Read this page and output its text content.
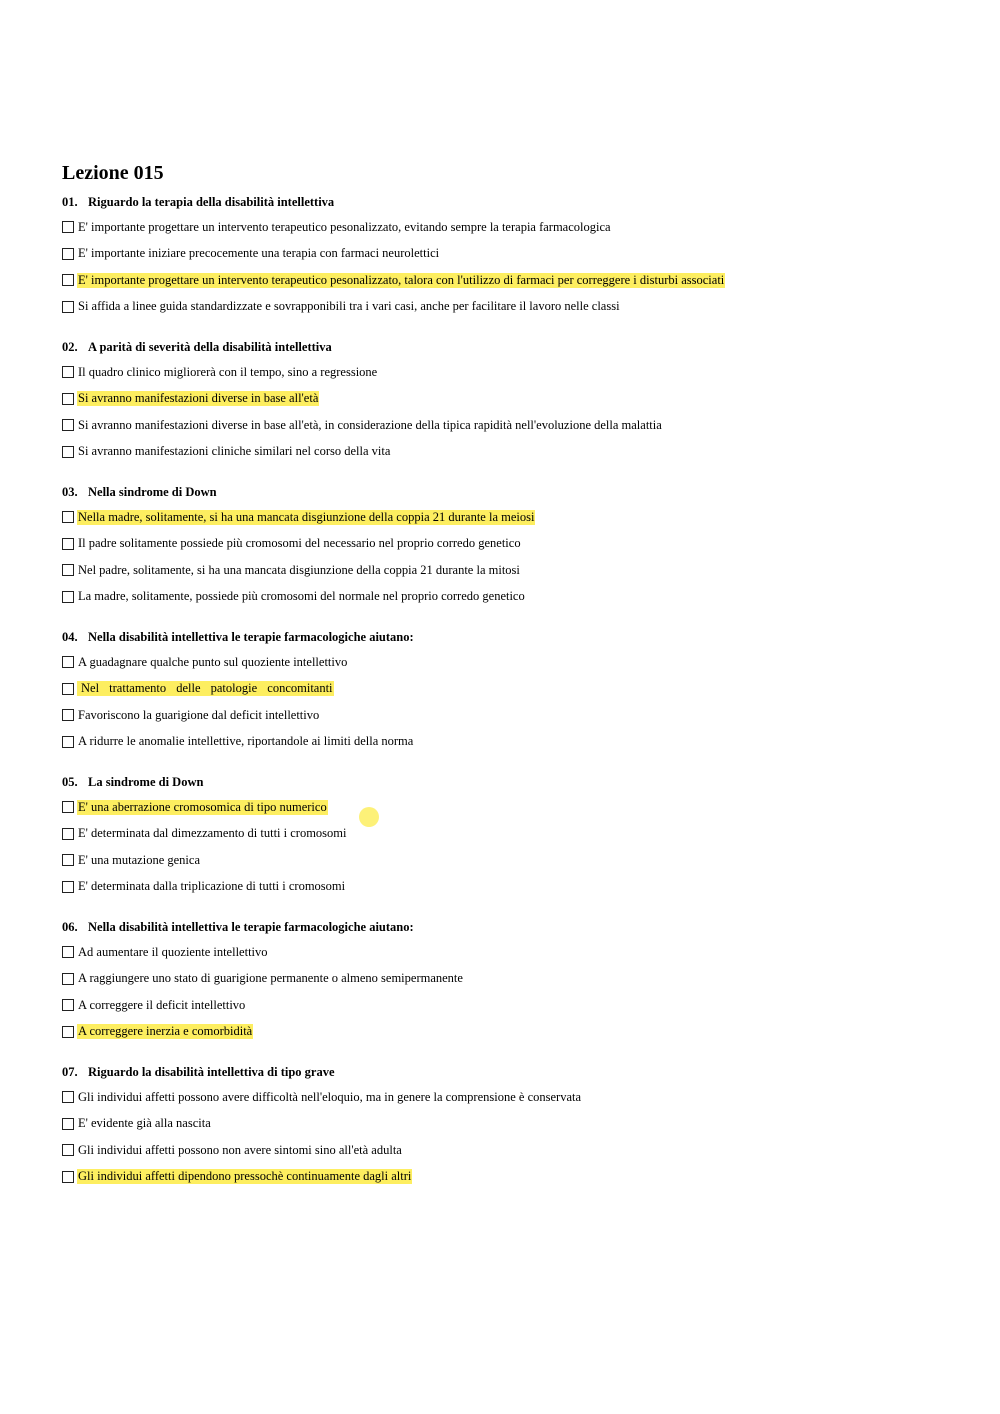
Lezione 015
01. Riguardo la terapia della disabilità intellettiva
E' importante progettare un intervento terapeutico pesonalizzato, evitando sempre la terapia farmacologica
E' importante iniziare precocemente una terapia con farmaci neurolettici
E' importante progettare un intervento terapeutico pesonalizzato, talora con l'utilizzo di farmaci per correggere i disturbi associati
Si affida a linee guida standardizzate e sovrapponibili tra i vari casi, anche per facilitare il lavoro nelle classi
02. A parità di severità della disabilità intellettiva
Il quadro clinico migliorerà con il tempo, sino a regressione
Si avranno manifestazioni diverse in base all'età
Si avranno manifestazioni diverse in base all'età, in considerazione della tipica rapidità nell'evoluzione della malattia
Si avranno manifestazioni cliniche similari nel corso della vita
03. Nella sindrome di Down
Nella madre, solitamente, si ha una mancata disgiunzione della coppia 21 durante la meiosi
Il padre solitamente possiede più cromosomi del necessario nel proprio corredo genetico
Nel padre, solitamente, si ha una mancata disgiunzione della coppia 21 durante la mitosi
La madre, solitamente, possiede più cromosomi del normale nel proprio corredo genetico
04. Nella disabilità intellettiva le terapie farmacologiche aiutano:
A guadagnare qualche punto sul quoziente intellettivo
Nel trattamento delle patologie concomitanti
Favoriscono la guarigione dal deficit intellettivo
A ridurre le anomalie intellettive, riportandole ai limiti della norma
05. La sindrome di Down
E' una aberrazione cromosomica di tipo numerico
E' determinata dal dimezzamento di tutti i cromosomi
E' una mutazione genica
E' determinata dalla triplicazione di tutti i cromosomi
06. Nella disabilità intellettiva le terapie farmacologiche aiutano:
Ad aumentare il quoziente intellettivo
A raggiungere uno stato di guarigione permanente o almeno semipermanente
A correggere il deficit intellettivo
A correggere inerzia e comorbidità
07. Riguardo la disabilità intellettiva di tipo grave
Gli individui affetti possono avere difficoltà nell'eloquio, ma in genere la comprensione è conservata
E' evidente già alla nascita
Gli individui affetti possono non avere sintomi sino all'età adulta
Gli individui affetti dipendono pressochè continuamente dagli altri
